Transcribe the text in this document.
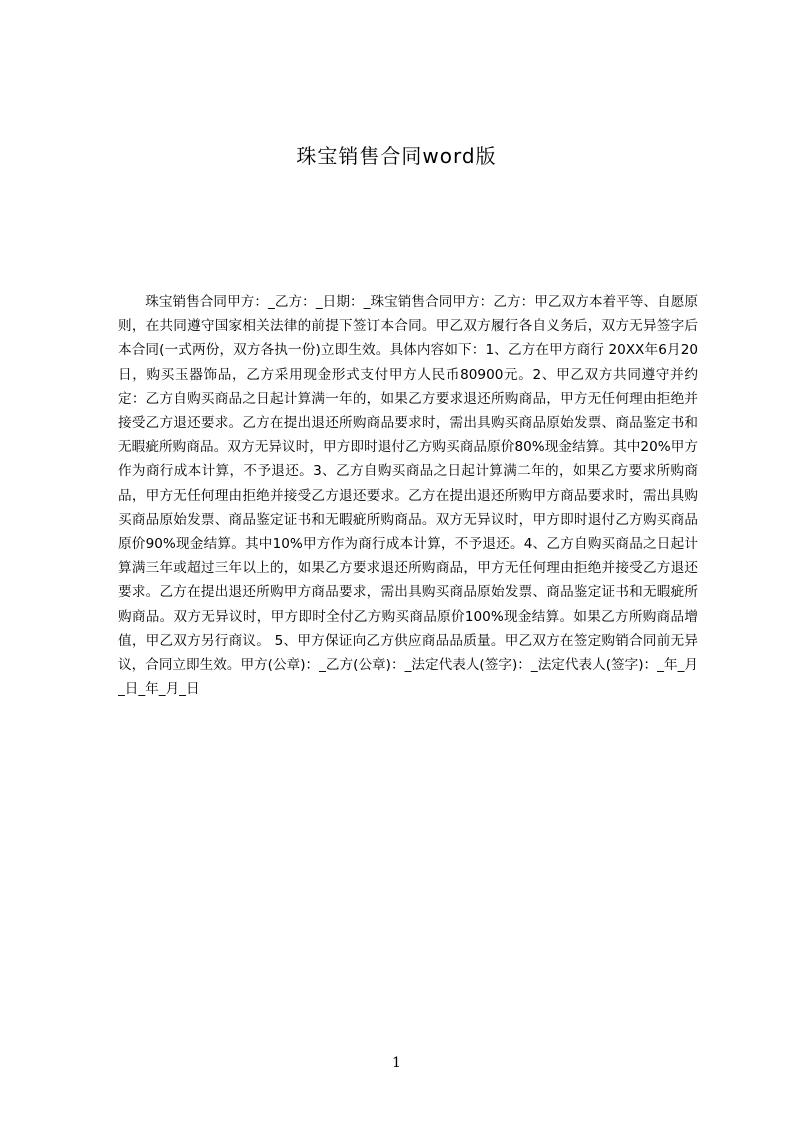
珠宝销售合同word版
珠宝销售合同甲方：_乙方：_日期：_珠宝销售合同甲方：乙方：甲乙双方本着平等、自愿原则，在共同遵守国家相关法律的前提下签订本合同。甲乙双方履行各自义务后，双方无异签字后本合同(一式两份，双方各执一份)立即生效。具体内容如下：1、乙方在甲方商行 20XX年6月20日，购买玉器饰品，乙方采用现金形式支付甲方人民币80900元。2、甲乙双方共同遵守并约定：乙方自购买商品之日起计算满一年的，如果乙方要求退还所购商品，甲方无任何理由拒绝并接受乙方退还要求。乙方在提出退还所购商品要求时，需出具购买商品原始发票、商品鉴定书和无暇疵所购商品。双方无异议时，甲方即时退付乙方购买商品原价80%现金结算。其中20%甲方作为商行成本计算，不予退还。3、乙方自购买商品之日起计算满二年的，如果乙方要求所购商品，甲方无任何理由拒绝并接受乙方退还要求。乙方在提出退还所购甲方商品要求时，需出具购买商品原始发票、商品鉴定证书和无暇疵所购商品。双方无异议时，甲方即时退付乙方购买商品原价90%现金结算。其中10%甲方作为商行成本计算，不予退还。4、乙方自购买商品之日起计算满三年或超过三年以上的，如果乙方要求退还所购商品，甲方无任何理由拒绝并接受乙方退还要求。乙方在提出退还所购甲方商品要求，需出具购买商品原始发票、商品鉴定证书和无暇疵所购商品。双方无异议时，甲方即时全付乙方购买商品原价100%现金结算。如果乙方所购商品增值，甲乙双方另行商议。 5、甲方保证向乙方供应商品品质量。甲乙双方在签定购销合同前无异议，合同立即生效。甲方(公章)：_乙方(公章)：_法定代表人(签字)：_法定代表人(签字)：_年_月_日_年_月_日
1
